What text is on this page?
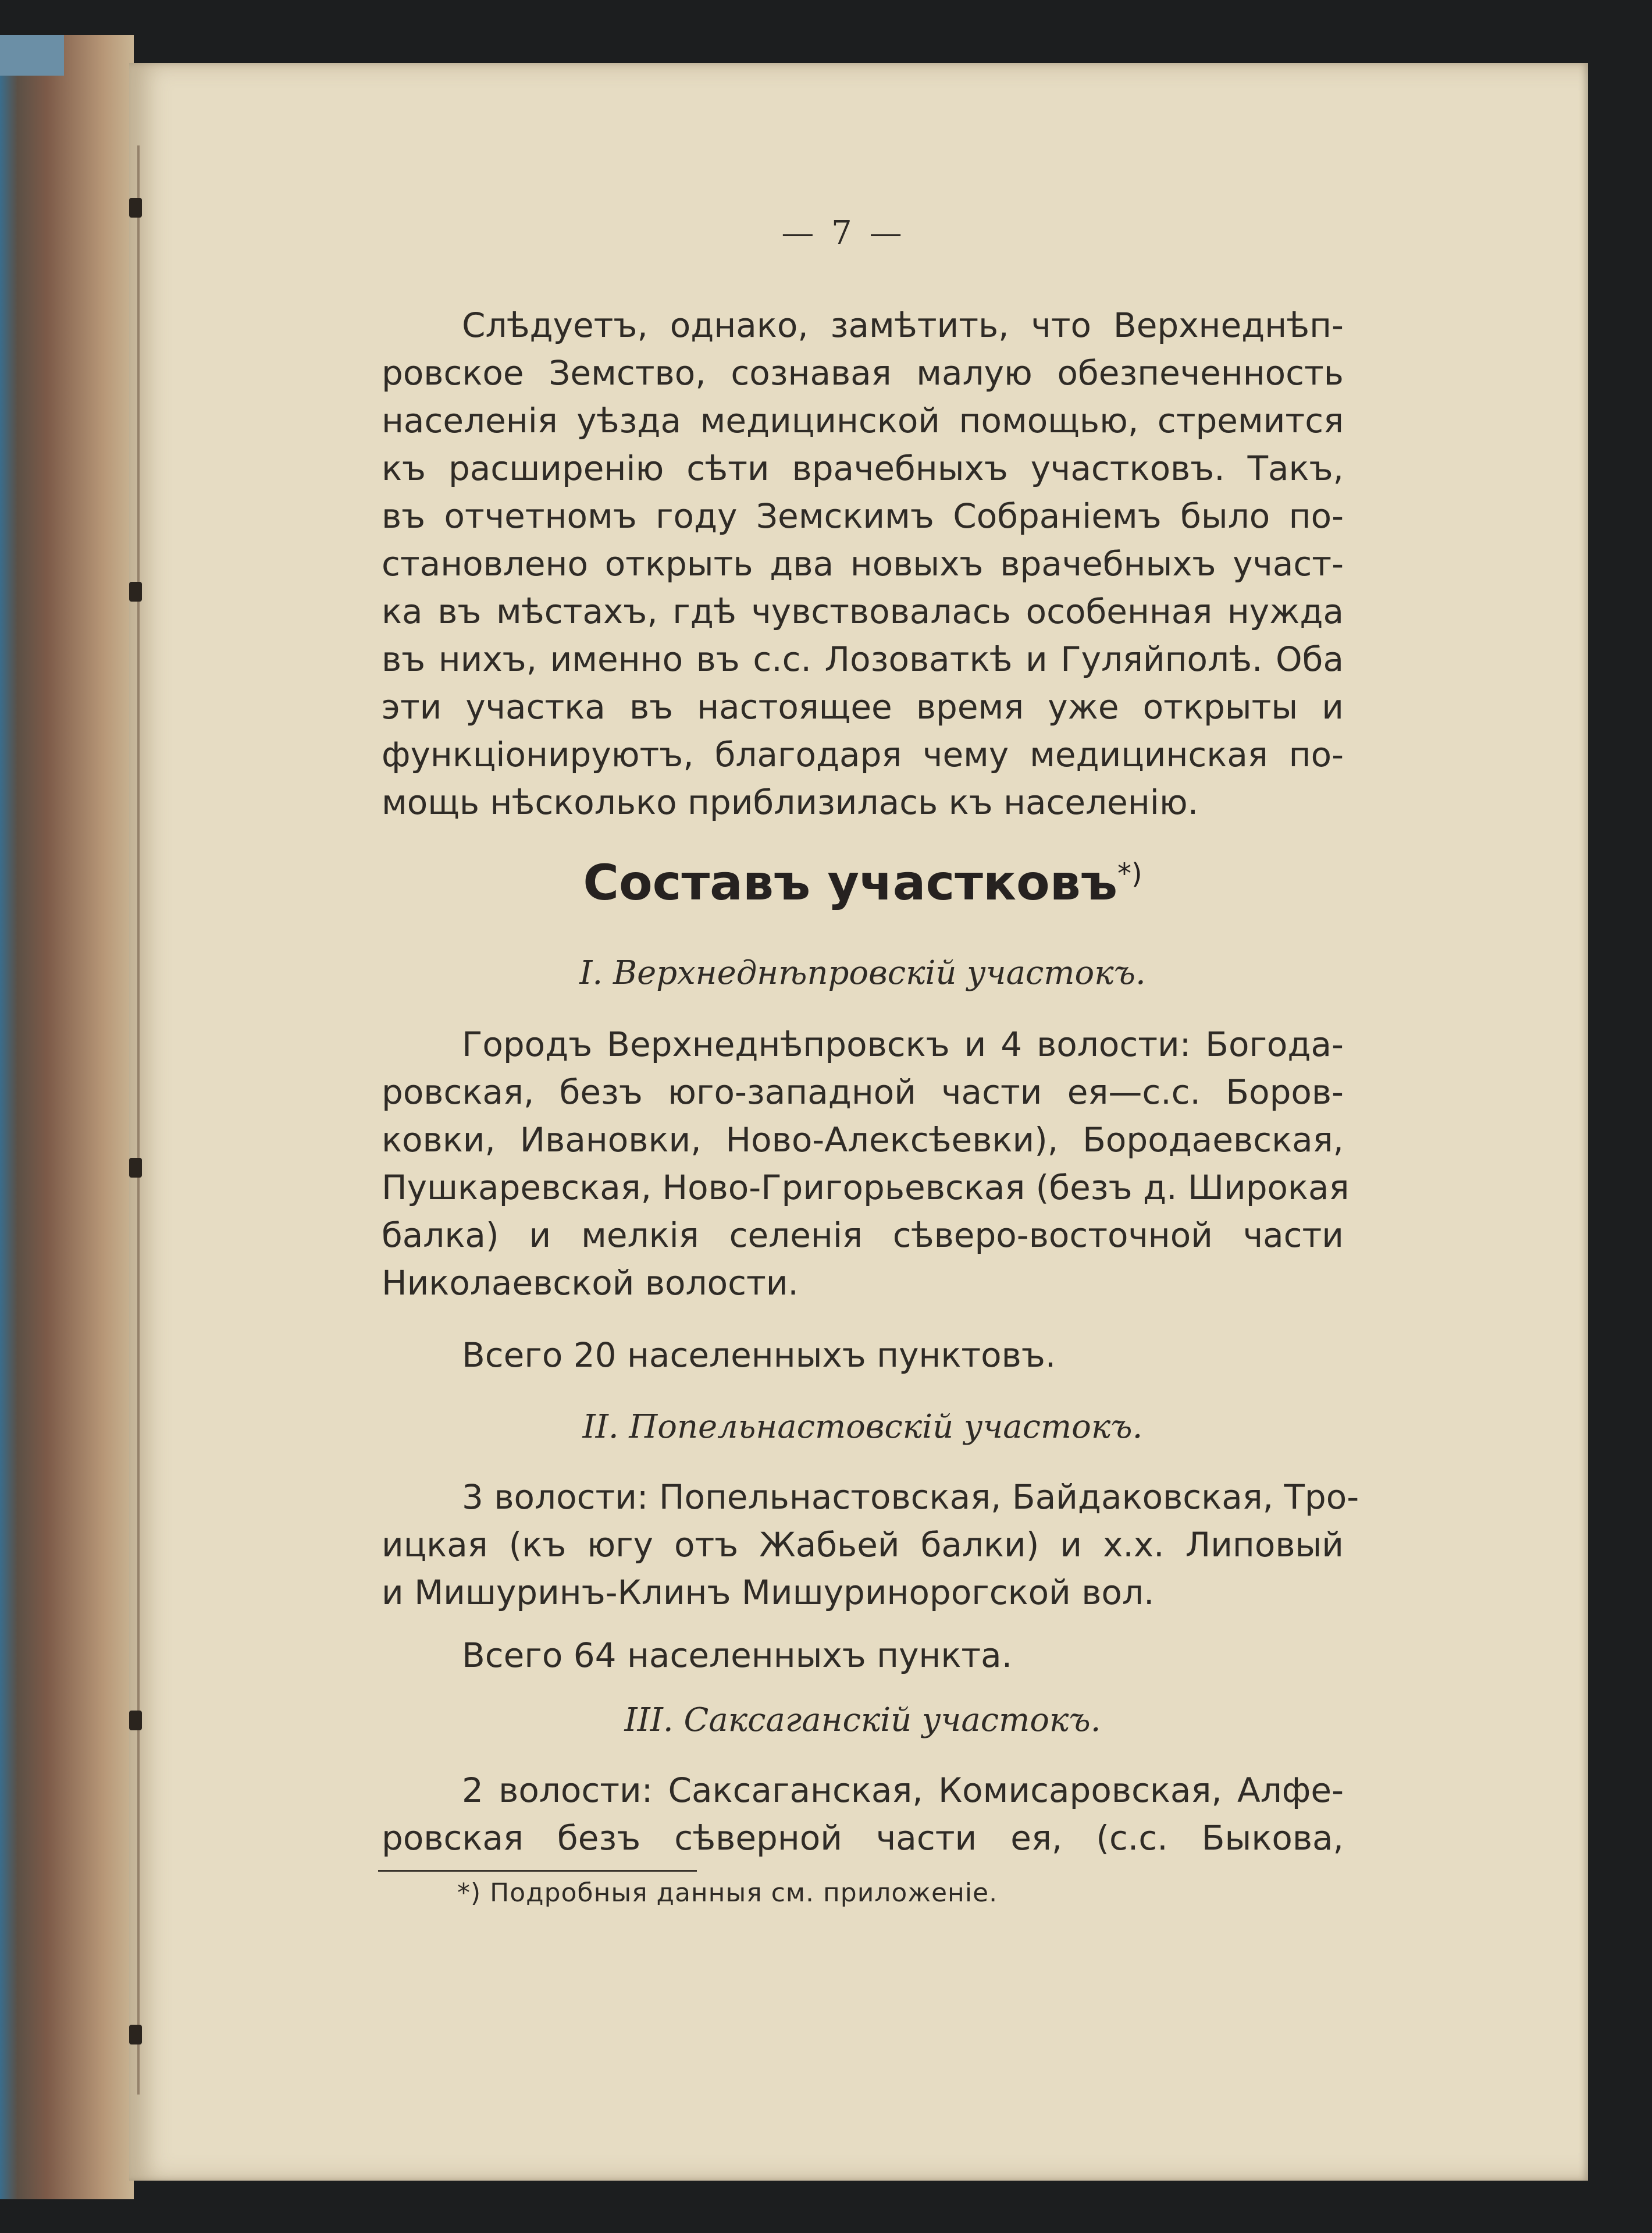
— 7 —
Слѣдуетъ, однако, замѣтить, что Верхнеднѣп-
ровское Земство, сознавая малую обезпеченность
населенія уѣзда медицинской помощью, стремится
къ расширенію сѣти врачебныхъ участковъ. Такъ,
въ отчетномъ году Земскимъ Собраніемъ было по-
становлено открыть два новыхъ врачебныхъ участ-
ка въ мѣстахъ, гдѣ чувствовалась особенная нужда
въ нихъ, именно въ с.с. Лозоваткѣ и Гуляйполѣ. Оба
эти участка въ настоящее время уже открыты и
функціонируютъ, благодаря чему медицинская по-
мощь нѣсколько приблизилась къ населенію.
Составъ участковъ*)
I. Верхнеднѣпровскій участокъ.
Городъ Верхнеднѣпровскъ и 4 волости: Богода-
ровская, безъ юго-западной части ея—с.с. Боров-
ковки, Ивановки, Ново-Алексѣевки), Бородаевская,
Пушкаревская, Ново-Григорьевская (безъ д. Широкая
балка) и мелкія селенія сѣверо-восточной части
Николаевской волости.
Всего 20 населенныхъ пунктовъ.
II. Попельнастовскій участокъ.
3 волости: Попельнастовская, Байдаковская, Тро-
ицкая (къ югу отъ Жабьей балки) и х.х. Липовый
и Мишуринъ-Клинъ Мишуринорогской вол.
Всего 64 населенныхъ пункта.
III. Саксаганскій участокъ.
2 волости: Саксаганская, Комисаровская, Алфе-
ровская безъ сѣверной части ея, (с.с. Быкова,
*) Подробныя данныя см. приложеніе.
